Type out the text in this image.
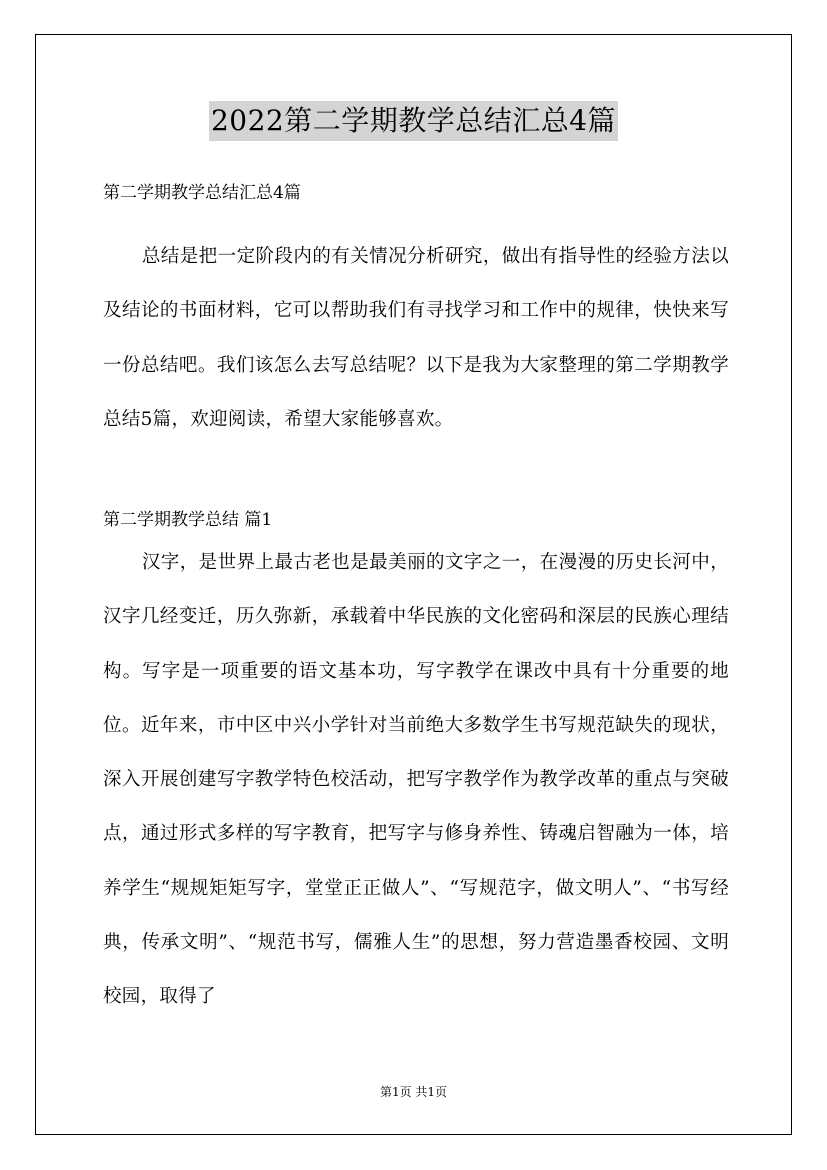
2022第二学期教学总结汇总4篇
第二学期教学总结汇总4篇
总结是把一定阶段内的有关情况分析研究，做出有指导性的经验方法以及结论的书面材料，它可以帮助我们有寻找学习和工作中的规律，快快来写一份总结吧。我们该怎么去写总结呢？以下是我为大家整理的第二学期教学总结5篇，欢迎阅读，希望大家能够喜欢。
第二学期教学总结 篇1
汉字，是世界上最古老也是最美丽的文字之一，在漫漫的历史长河中，汉字几经变迁，历久弥新，承载着中华民族的文化密码和深层的民族心理结构。写字是一项重要的语文基本功，写字教学在课改中具有十分重要的地位。近年来，市中区中兴小学针对当前绝大多数学生书写规范缺失的现状，深入开展创建写字教学特色校活动，把写字教学作为教学改革的重点与突破点，通过形式多样的写字教育，把写字与修身养性、铸魂启智融为一体，培养学生“规规矩矩写字，堂堂正正做人”、“写规范字，做文明人”、“书写经典，传承文明”、“规范书写，儒雅人生”的思想，努力营造墨香校园、文明校园，取得了
第1页 共1页
